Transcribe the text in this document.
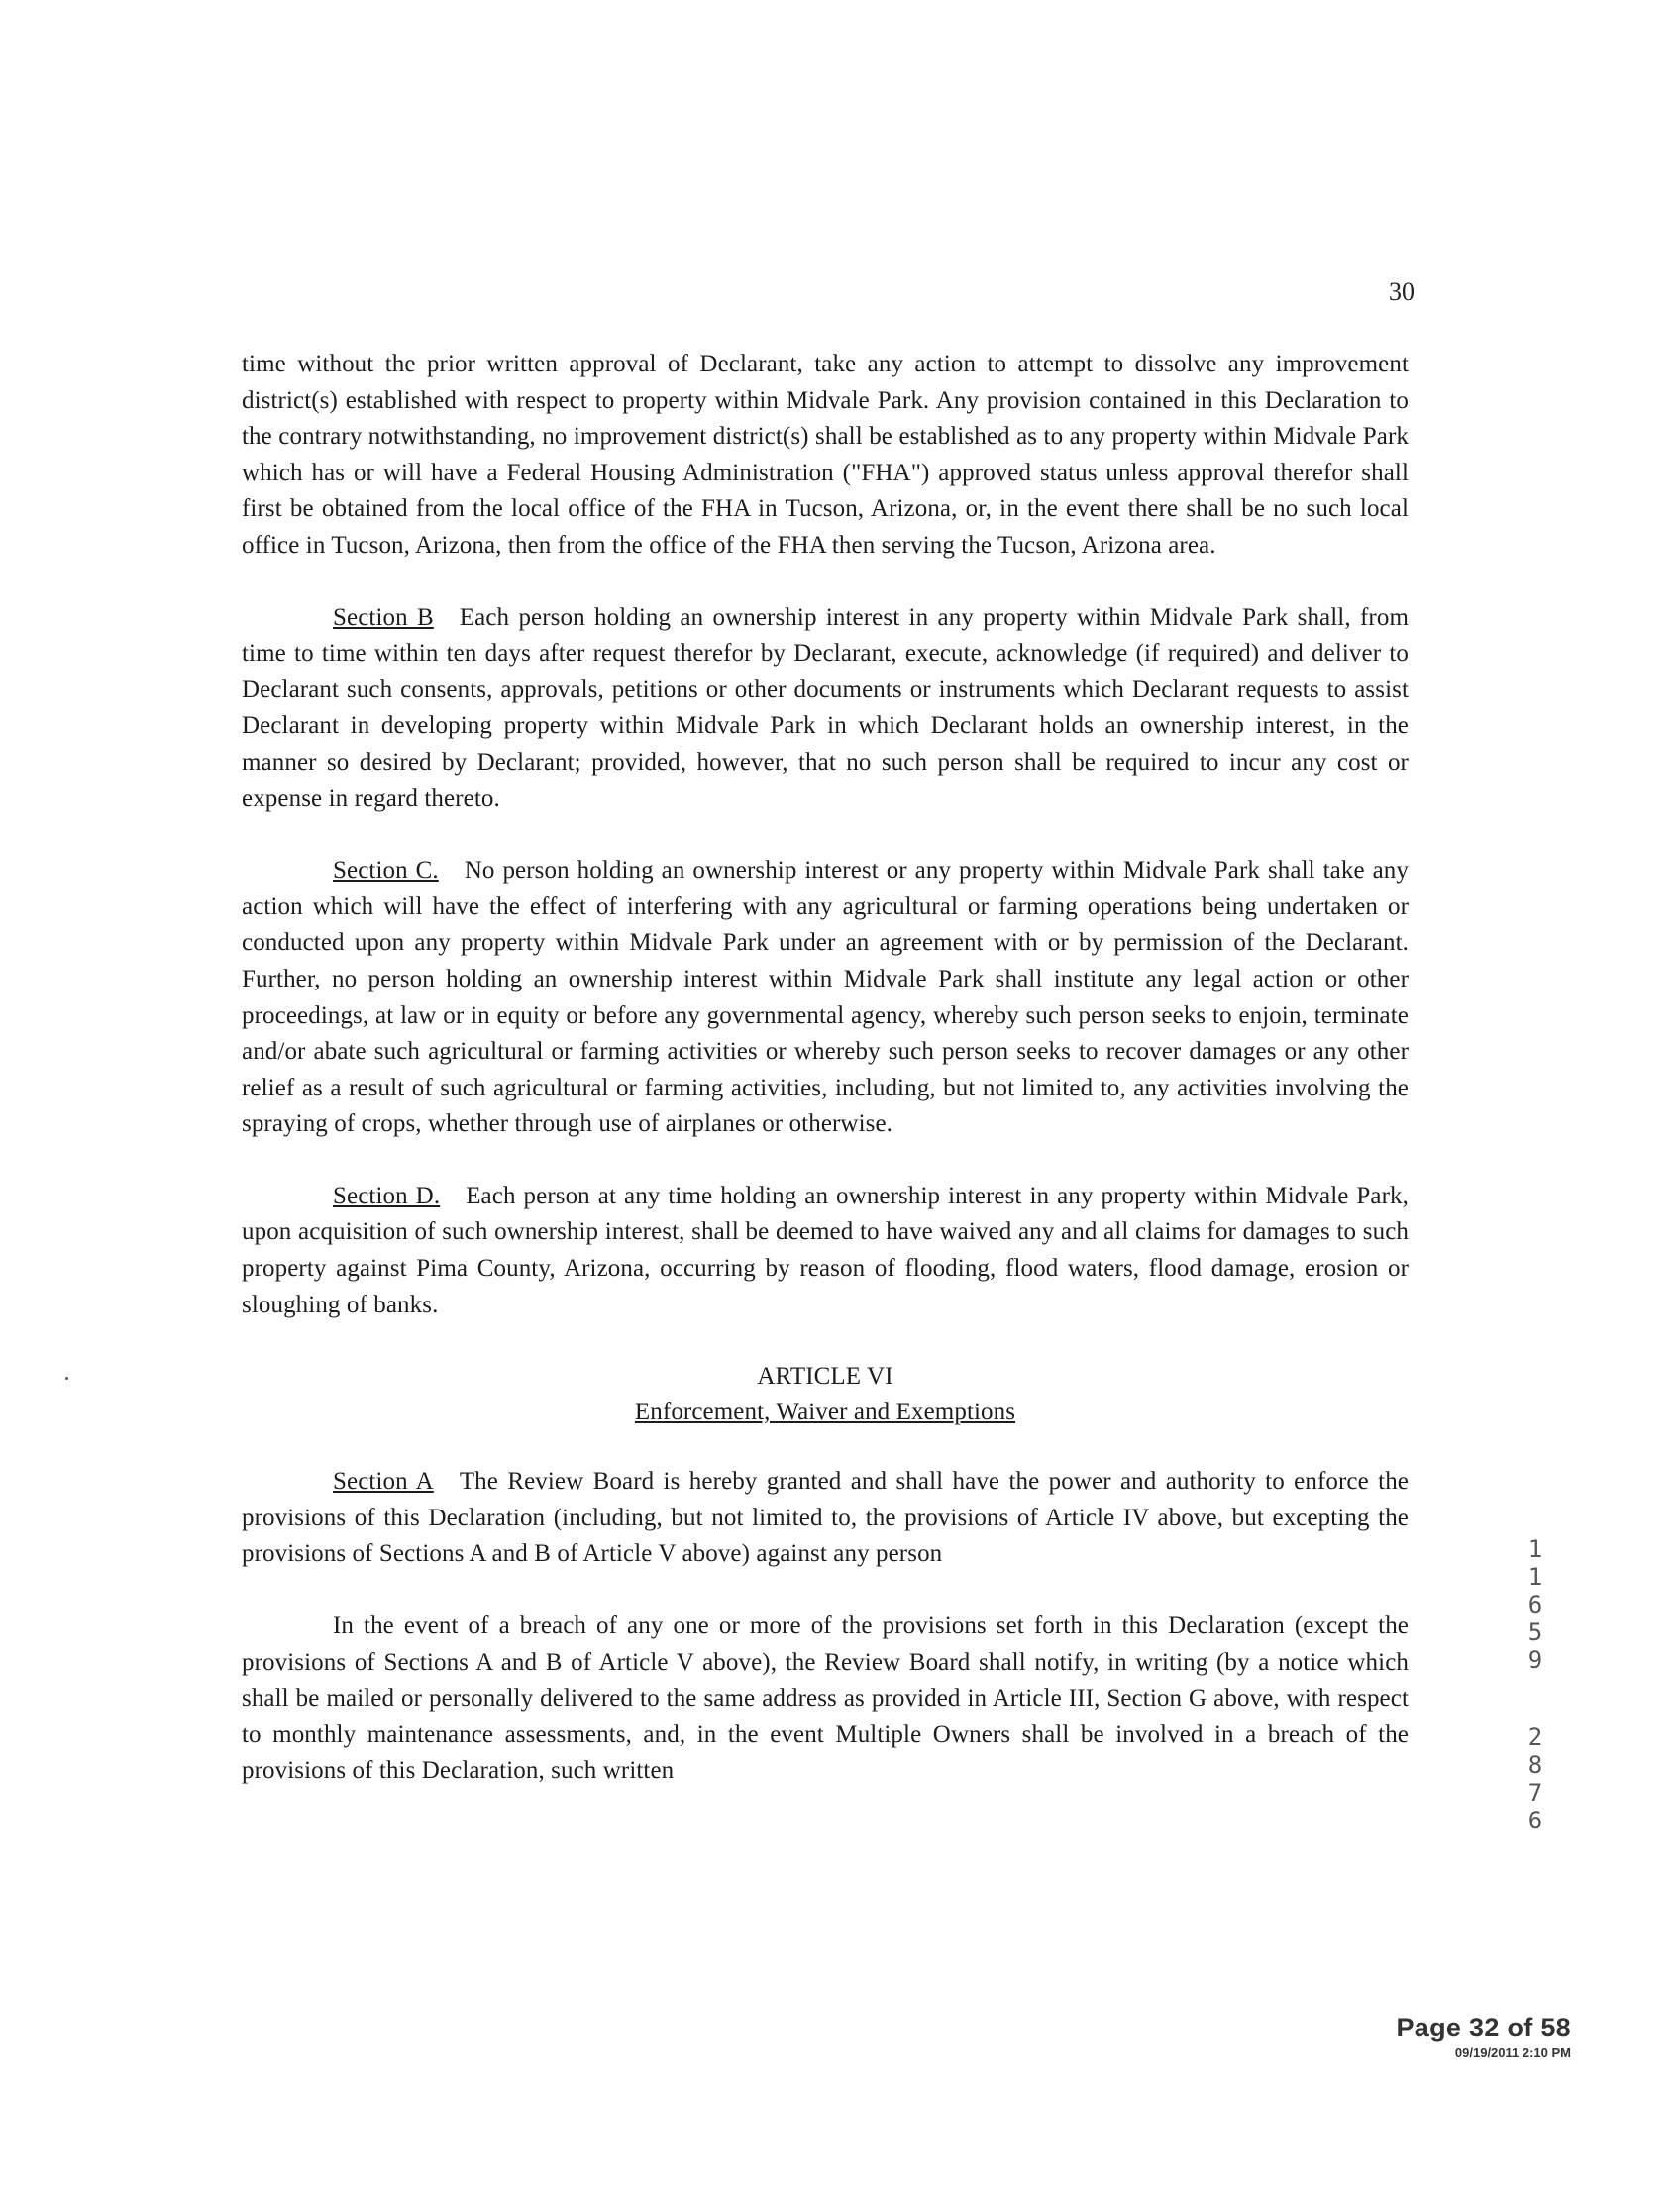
30

time without the prior written approval of Declarant, take any action to attempt to dissolve any improvement district(s) established with respect to property within Midvale Park. Any provision contained in this Declaration to the contrary notwithstanding, no improvement district(s) shall be established as to any property within Midvale Park which has or will have a Federal Housing Administration ("FHA") approved status unless approval therefor shall first be obtained from the local office of the FHA in Tucson, Arizona, or, in the event there shall be no such local office in Tucson, Arizona, then from the office of the FHA then serving the Tucson, Arizona area.

Section B Each person holding an ownership interest in any property within Midvale Park shall, from time to time within ten days after request therefor by Declarant, execute, acknowledge (if required) and deliver to Declarant such consents, approvals, petitions or other documents or instruments which Declarant requests to assist Declarant in developing property within Midvale Park in which Declarant holds an ownership interest, in the manner so desired by Declarant; provided, however, that no such person shall be required to incur any cost or expense in regard thereto.

Section C. No person holding an ownership interest or any property within Midvale Park shall take any action which will have the effect of interfering with any agricultural or farming operations being undertaken or conducted upon any property within Midvale Park under an agreement with or by permission of the Declarant. Further, no person holding an ownership interest within Midvale Park shall institute any legal action or other proceedings, at law or in equity or before any governmental agency, whereby such person seeks to enjoin, terminate and/or abate such agricultural or farming activities or whereby such person seeks to recover damages or any other relief as a result of such agricultural or farming activities, including, but not limited to, any activities involving the spraying of crops, whether through use of airplanes or otherwise.

Section D. Each person at any time holding an ownership interest in any property within Midvale Park, upon acquisition of such ownership interest, shall be deemed to have waived any and all claims for damages to such property against Pima County, Arizona, occurring by reason of flooding, flood waters, flood damage, erosion or sloughing of banks.

ARTICLE VI
Enforcement, Waiver and Exemptions

Section A The Review Board is hereby granted and shall have the power and authority to enforce the provisions of this Declaration (including, but not limited to, the provisions of Article IV above, but excepting the provisions of Sections A and B of Article V above) against any person

In the event of a breach of any one or more of the provisions set forth in this Declaration (except the provisions of Sections A and B of Article V above), the Review Board shall notify, in writing (by a notice which shall be mailed or personally delivered to the same address as provided in Article III, Section G above, with respect to monthly maintenance assessments, and, in the event Multiple Owners shall be involved in a breach of the provisions of this Declaration, such written

11659
2876
Page 32 of 58
09/19/2011 2:10 PM
